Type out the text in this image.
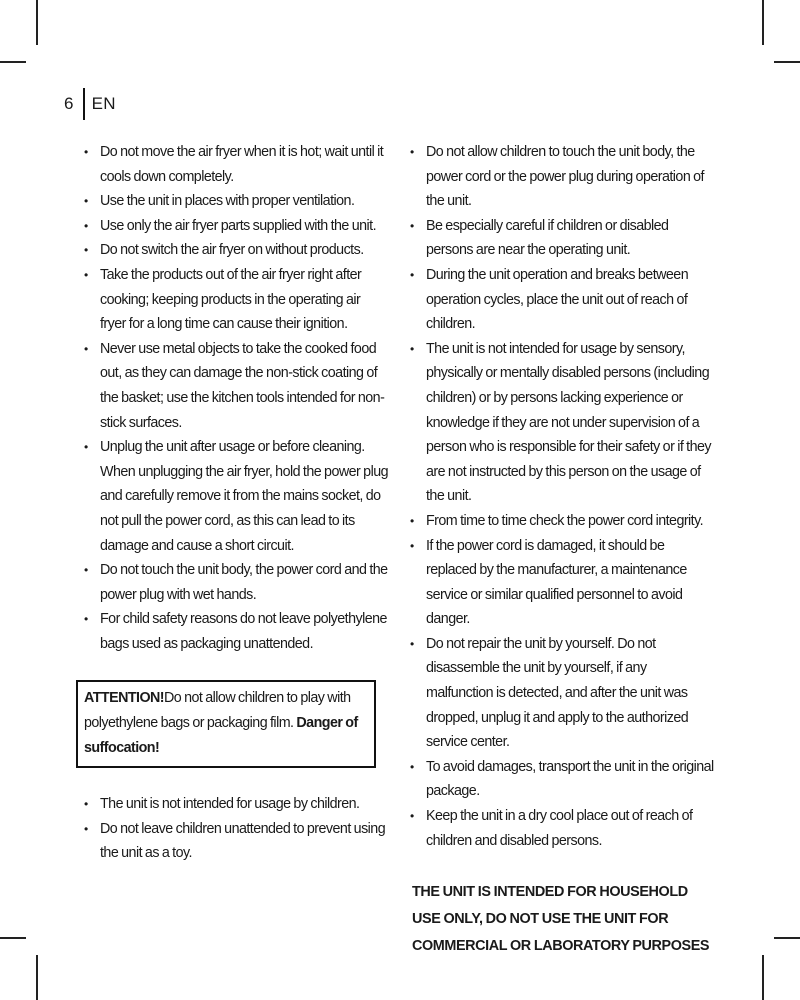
6 EN
• Do not move the air fryer when it is hot; wait until it cools down completely.
• Use the unit in places with proper ventilation.
• Use only the air fryer parts supplied with the unit.
• Do not switch the air fryer on without products.
• Take the products out of the air fryer right after cooking; keeping products in the operating air fryer for a long time can cause their ignition.
• Never use metal objects to take the cooked food out, as they can damage the non-stick coating of the basket; use the kitchen tools intended for non-stick surfaces.
• Unplug the unit after usage or before cleaning. When unplugging the air fryer, hold the power plug and carefully remove it from the mains socket, do not pull the power cord, as this can lead to its damage and cause a short circuit.
• Do not touch the unit body, the power cord and the power plug with wet hands.
• For child safety reasons do not leave polyethylene bags used as packaging unattended.
ATTENTION!Do not allow children to play with polyethylene bags or packaging film. Danger of suffocation!
• The unit is not intended for usage by children.
• Do not leave children unattended to prevent using the unit as a toy.
• Do not allow children to touch the unit body, the power cord or the power plug during operation of the unit.
• Be especially careful if children or disabled persons are near the operating unit.
• During the unit operation and breaks between operation cycles, place the unit out of reach of children.
• The unit is not intended for usage by sensory, physically or mentally disabled persons (including children) or by persons lacking experience or knowledge if they are not under supervision of a person who is responsible for their safety or if they are not instructed by this person on the usage of the unit.
• From time to time check the power cord integrity.
• If the power cord is damaged, it should be replaced by the manufacturer, a maintenance service or similar qualified personnel to avoid danger.
• Do not repair the unit by yourself. Do not disassemble the unit by yourself, if any malfunction is detected, and after the unit was dropped, unplug it and apply to the authorized service center.
• To avoid damages, transport the unit in the original package.
• Keep the unit in a dry cool place out of reach of children and disabled persons.
THE UNIT IS INTENDED FOR HOUSEHOLD USE ONLY, DO NOT USE THE UNIT FOR COMMERCIAL OR LABORATORY PURPOSES
